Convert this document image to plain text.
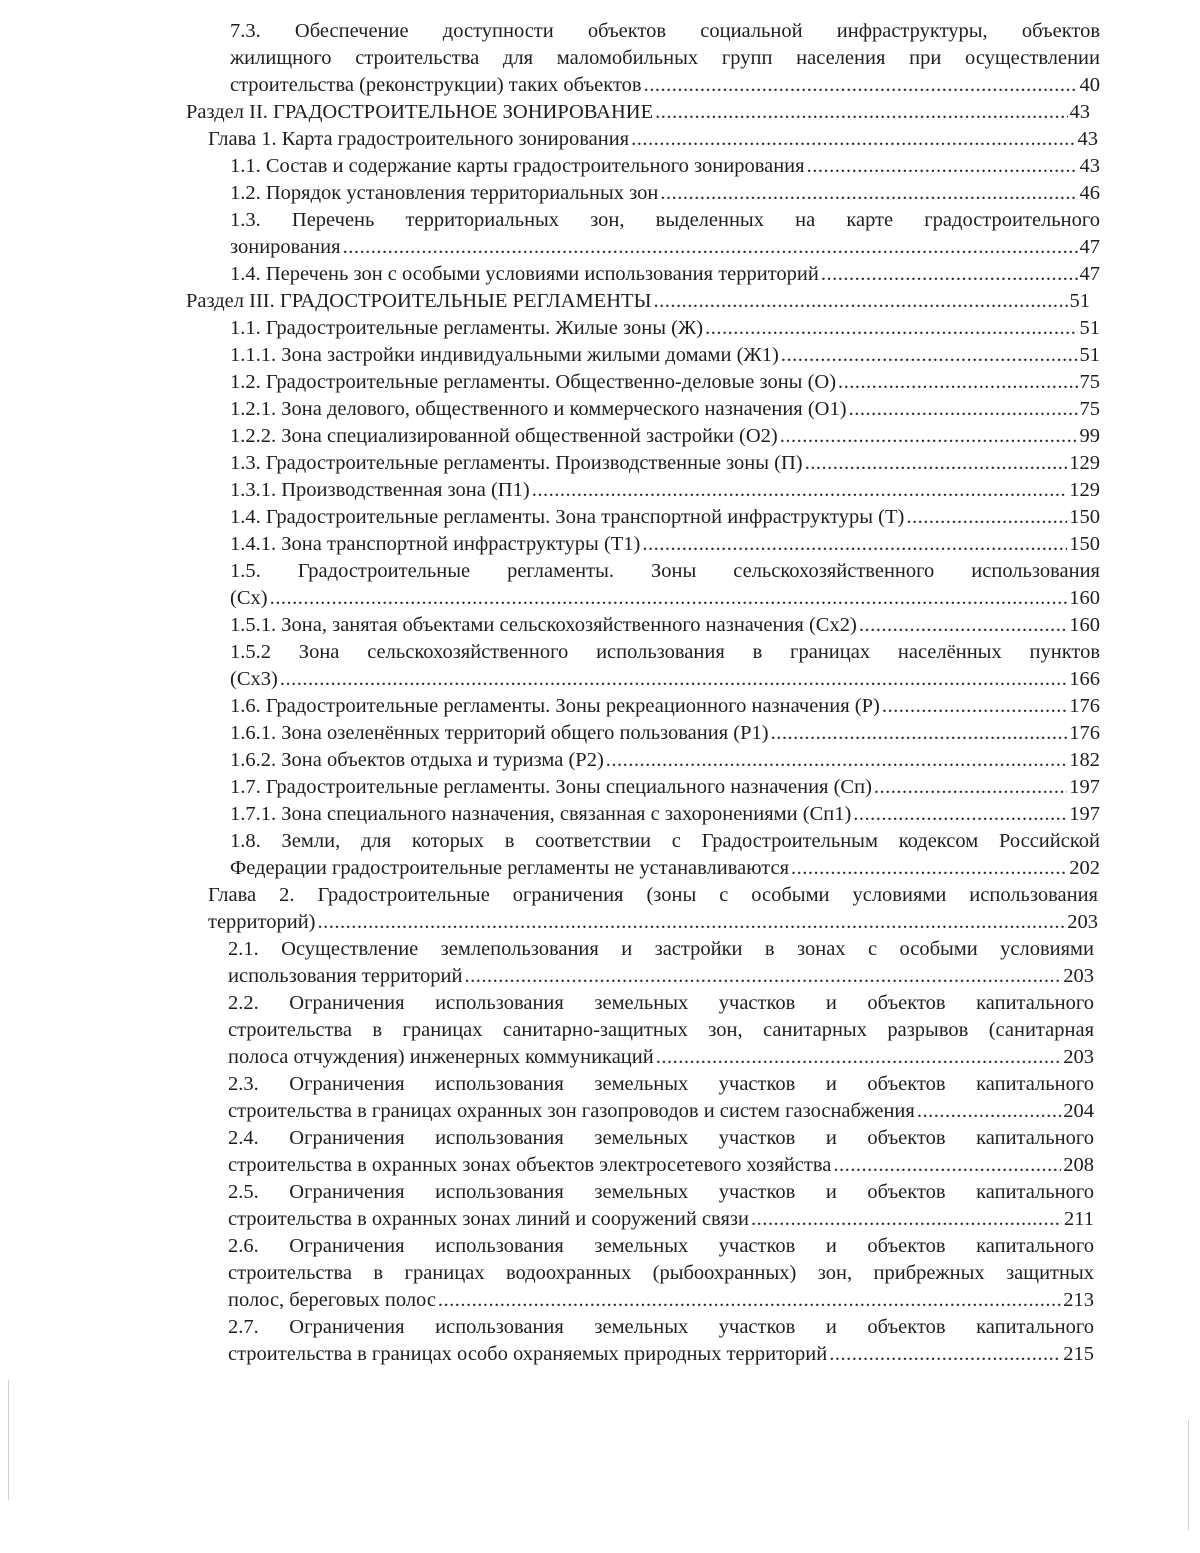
7.3. Обеспечение доступности объектов социальной инфраструктуры, объектов
жилищного строительства для маломобильных групп населения при осуществлении
строительства (реконструкции) таких объектов .....	40
Раздел II. ГРАДОСТРОИТЕЛЬНОЕ ЗОНИРОВАНИЕ .....	43
Глава 1. Карта градостроительного зонирования .....	43
1.1. Состав и содержание карты градостроительного зонирования .....	43
1.2. Порядок установления территориальных зон .....	46
1.3. Перечень территориальных зон, выделенных на карте градостроительного
зонирования .....	47
1.4. Перечень зон с особыми условиями использования территорий .....	47
Раздел III. ГРАДОСТРОИТЕЛЬНЫЕ РЕГЛАМЕНТЫ .....	51
1.1. Градостроительные регламенты. Жилые зоны (Ж) .....	51
1.1.1. Зона застройки индивидуальными жилыми домами (Ж1) .....	51
1.2. Градостроительные регламенты. Общественно-деловые зоны (О) .....	75
1.2.1. Зона делового, общественного и коммерческого назначения (О1) .....	75
1.2.2. Зона специализированной общественной застройки (О2) .....	99
1.3. Градостроительные регламенты. Производственные зоны (П) .....	129
1.3.1. Производственная зона (П1) .....	129
1.4. Градостроительные регламенты. Зона транспортной инфраструктуры (Т) .....	150
1.4.1. Зона транспортной инфраструктуры (Т1) .....	150
1.5. Градостроительные регламенты. Зоны сельскохозяйственного использования
(Сх) .....	160
1.5.1. Зона, занятая объектами сельскохозяйственного назначения (Сх2) .....	160
1.5.2 Зона сельскохозяйственного использования в границах населённых пунктов
(Сх3) .....	166
1.6. Градостроительные регламенты. Зоны рекреационного назначения (Р) .....	176
1.6.1. Зона озеленённых территорий общего пользования (Р1) .....	176
1.6.2. Зона объектов отдыха и туризма (Р2) .....	182
1.7. Градостроительные регламенты. Зоны специального назначения (Сп) .....	197
1.7.1. Зона специального назначения, связанная с захоронениями (Сп1) .....	197
1.8. Земли, для которых в соответствии с Градостроительным кодексом Российской
Федерации градостроительные регламенты не устанавливаются .....	202
Глава 2. Градостроительные ограничения (зоны с особыми условиями использования
территорий) .....	203
2.1. Осуществление землепользования и застройки в зонах с особыми условиями
использования территорий .....	203
2.2. Ограничения использования земельных участков и объектов капитального
строительства в границах санитарно-защитных зон, санитарных разрывов (санитарная
полоса отчуждения) инженерных коммуникаций .....	203
2.3. Ограничения использования земельных участков и объектов капитального
строительства в границах охранных зон газопроводов и систем газоснабжения .....	204
2.4. Ограничения использования земельных участков и объектов капитального
строительства в охранных зонах объектов электросетевого хозяйства .....	208
2.5. Ограничения использования земельных участков и объектов капитального
строительства в охранных зонах линий и сооружений связи .....	211
2.6. Ограничения использования земельных участков и объектов капитального
строительства в границах водоохранных (рыбоохранных) зон, прибрежных защитных
полос, береговых полос .....	213
2.7. Ограничения использования земельных участков и объектов капитального
строительства в границах особо охраняемых природных территорий .....	215
